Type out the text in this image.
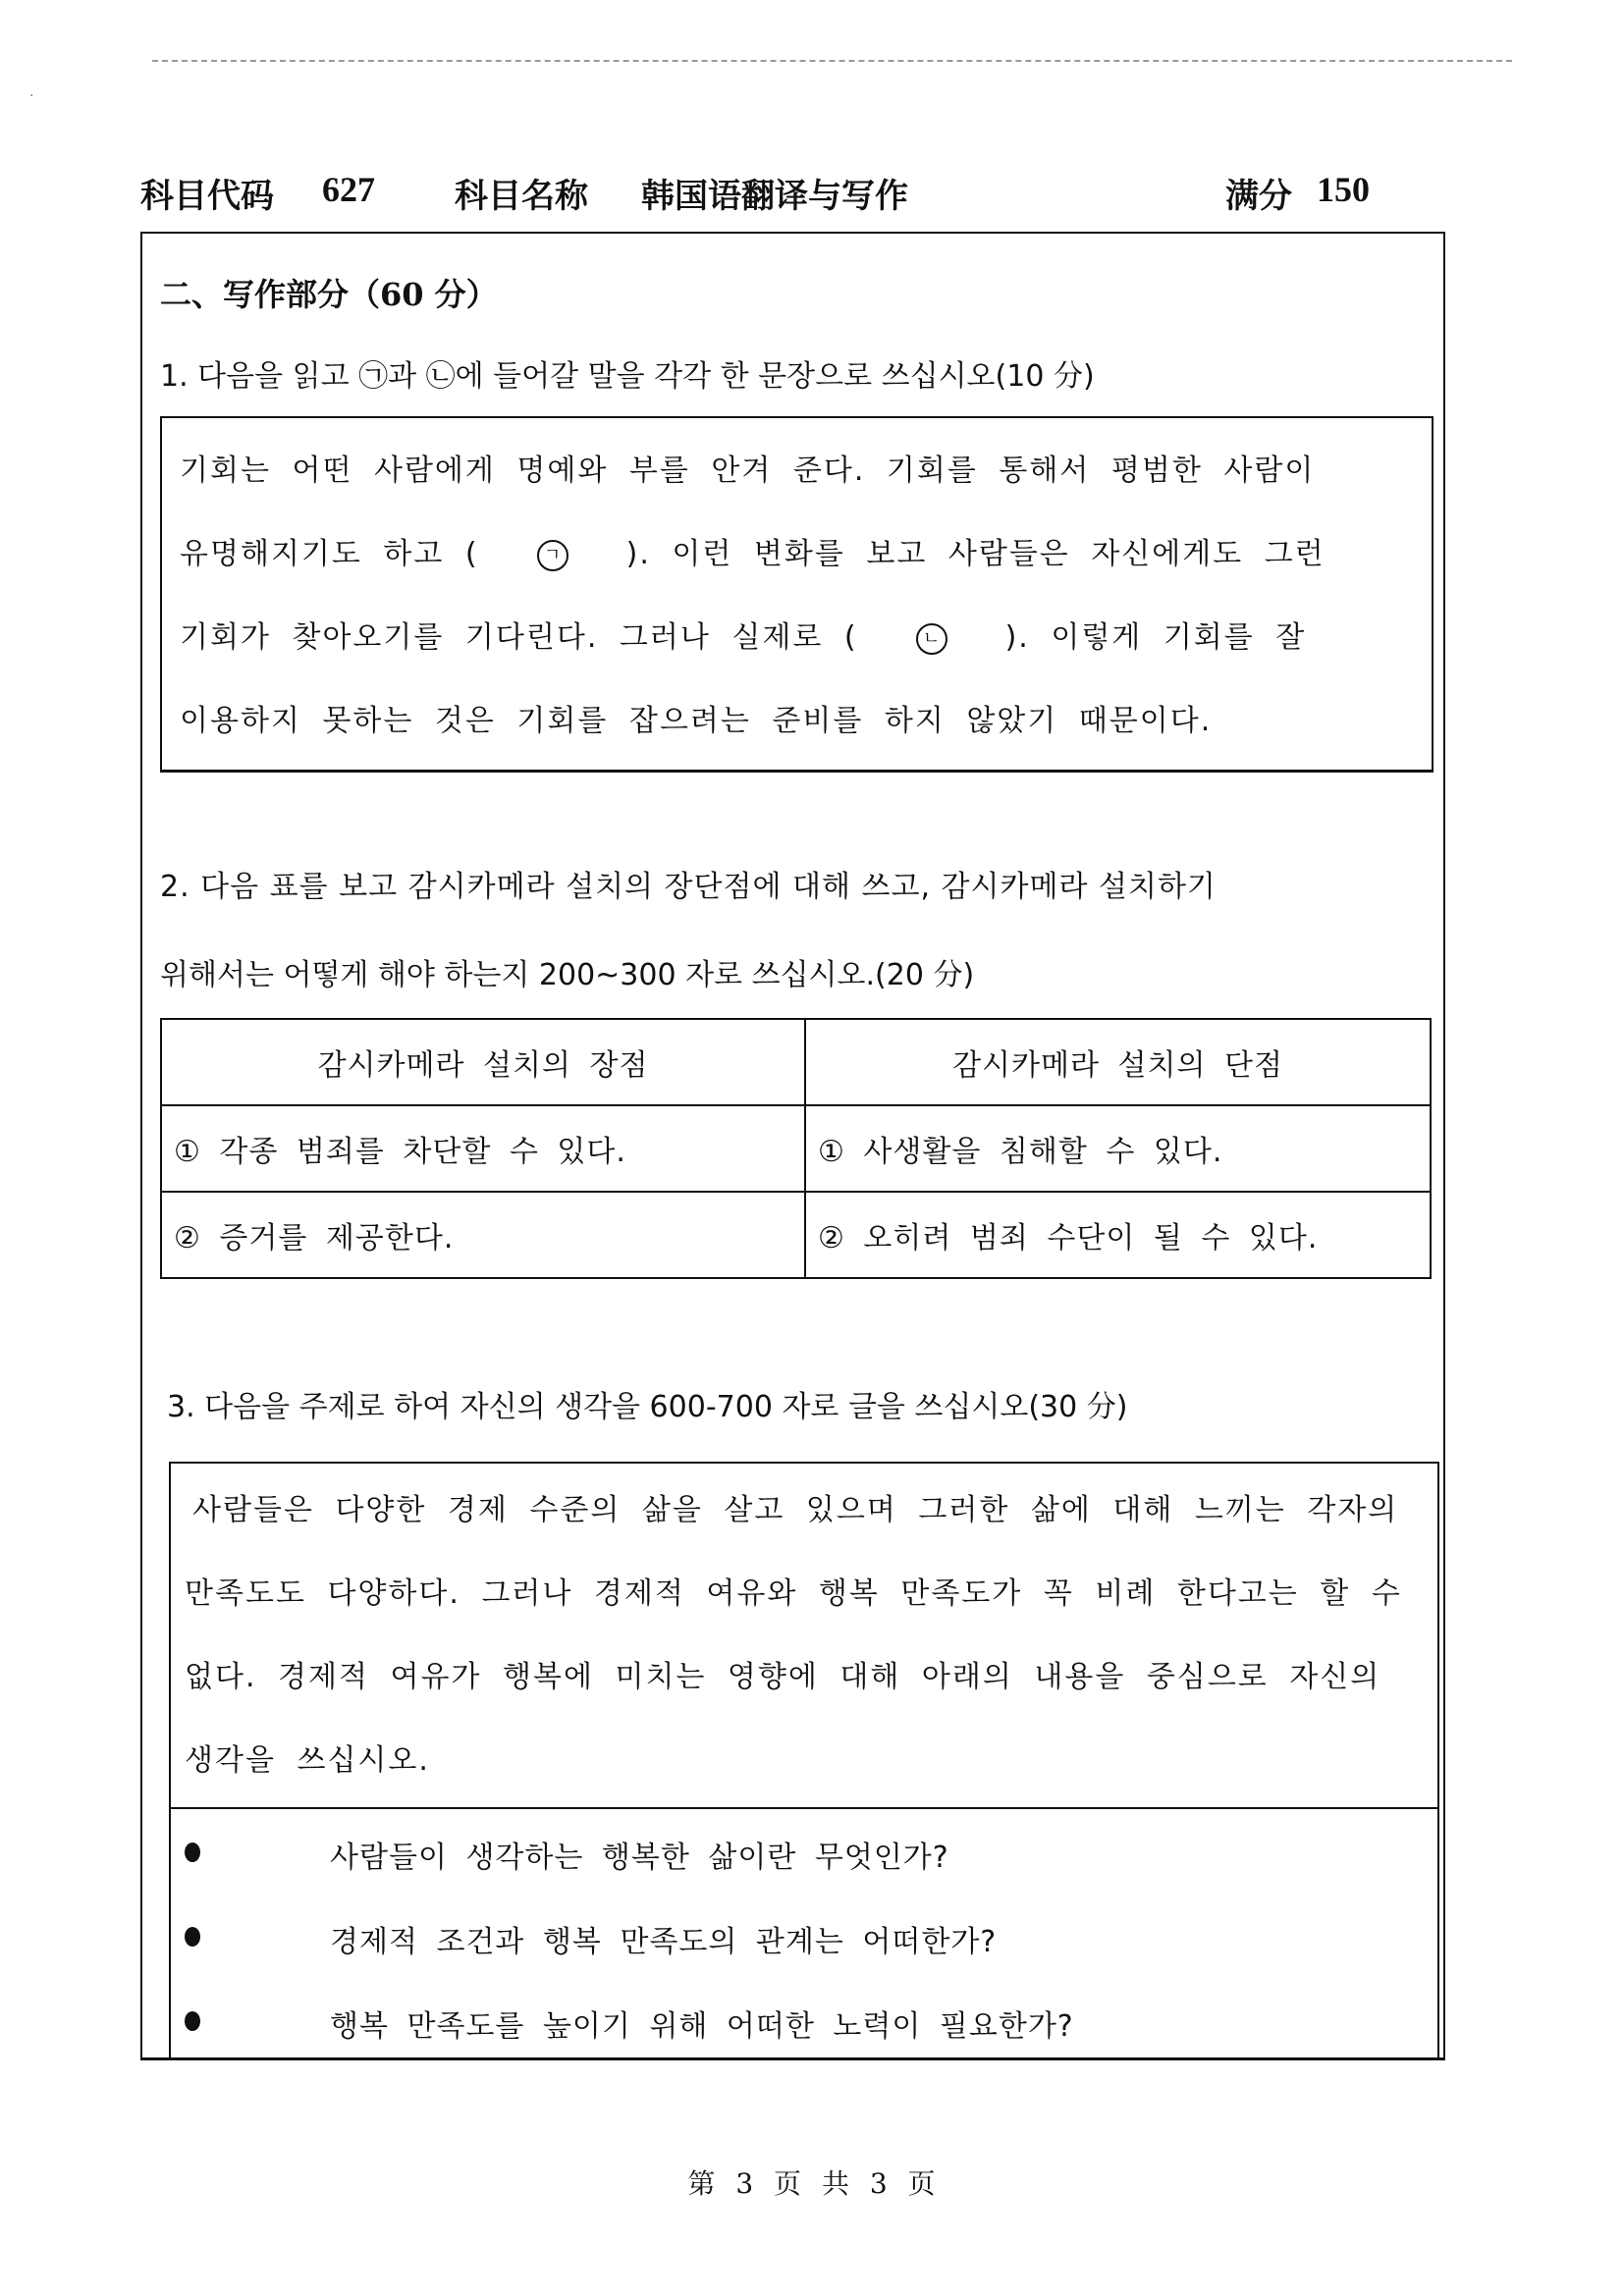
·
科目代码 627 科目名称 韩国语翻译与写作	满分 150
二、写作部分（60 分）
1. 다음을 읽고 ㉠과 ㉡에 들어갈 말을 각각 한 문장으로 쓰십시오(10 分)
기회는 어떤 사람에게 명예와 부를 안겨 준다. 기회를 통해서 평범한 사람이
유명해지기도 하고 (	ㄱ ). 이런 변화를 보고 사람들은 자신에게도 그런
기회가 찾아오기를 기다린다. 그러나 실제로 (	ㄴ ). 이렇게 기회를 잘
이용하지 못하는 것은 기회를 잡으려는 준비를 하지 않았기 때문이다.
2. 다음 표를 보고 감시카메라 설치의 장단점에 대해 쓰고, 감시카메라 설치하기
위해서는 어떻게 해야 하는지 200~300 자로 쓰십시오.(20 分)
감시카메라 설치의 장점	감시카메라 설치의 단점
① 각종 범죄를 차단할 수 있다.	① 사생활을 침해할 수 있다.
② 증거를 제공한다.	② 오히려 범죄 수단이 될 수 있다.
3. 다음을 주제로 하여 자신의 생각을 600-700 자로 글을 쓰십시오(30 分)
사람들은 다양한 경제 수준의 삶을 살고 있으며 그러한 삶에 대해 느끼는 각자의
만족도도 다양하다. 그러나 경제적 여유와 행복 만족도가 꼭 비례 한다고는 할 수
없다. 경제적 여유가 행복에 미치는 영향에 대해 아래의 내용을 중심으로 자신의
생각을 쓰십시오.
사람들이 생각하는 행복한 삶이란 무엇인가?
경제적 조건과 행복 만족도의 관계는 어떠한가?
행복 만족도를 높이기 위해 어떠한 노력이 필요한가?
第 3 页 共 3 页
